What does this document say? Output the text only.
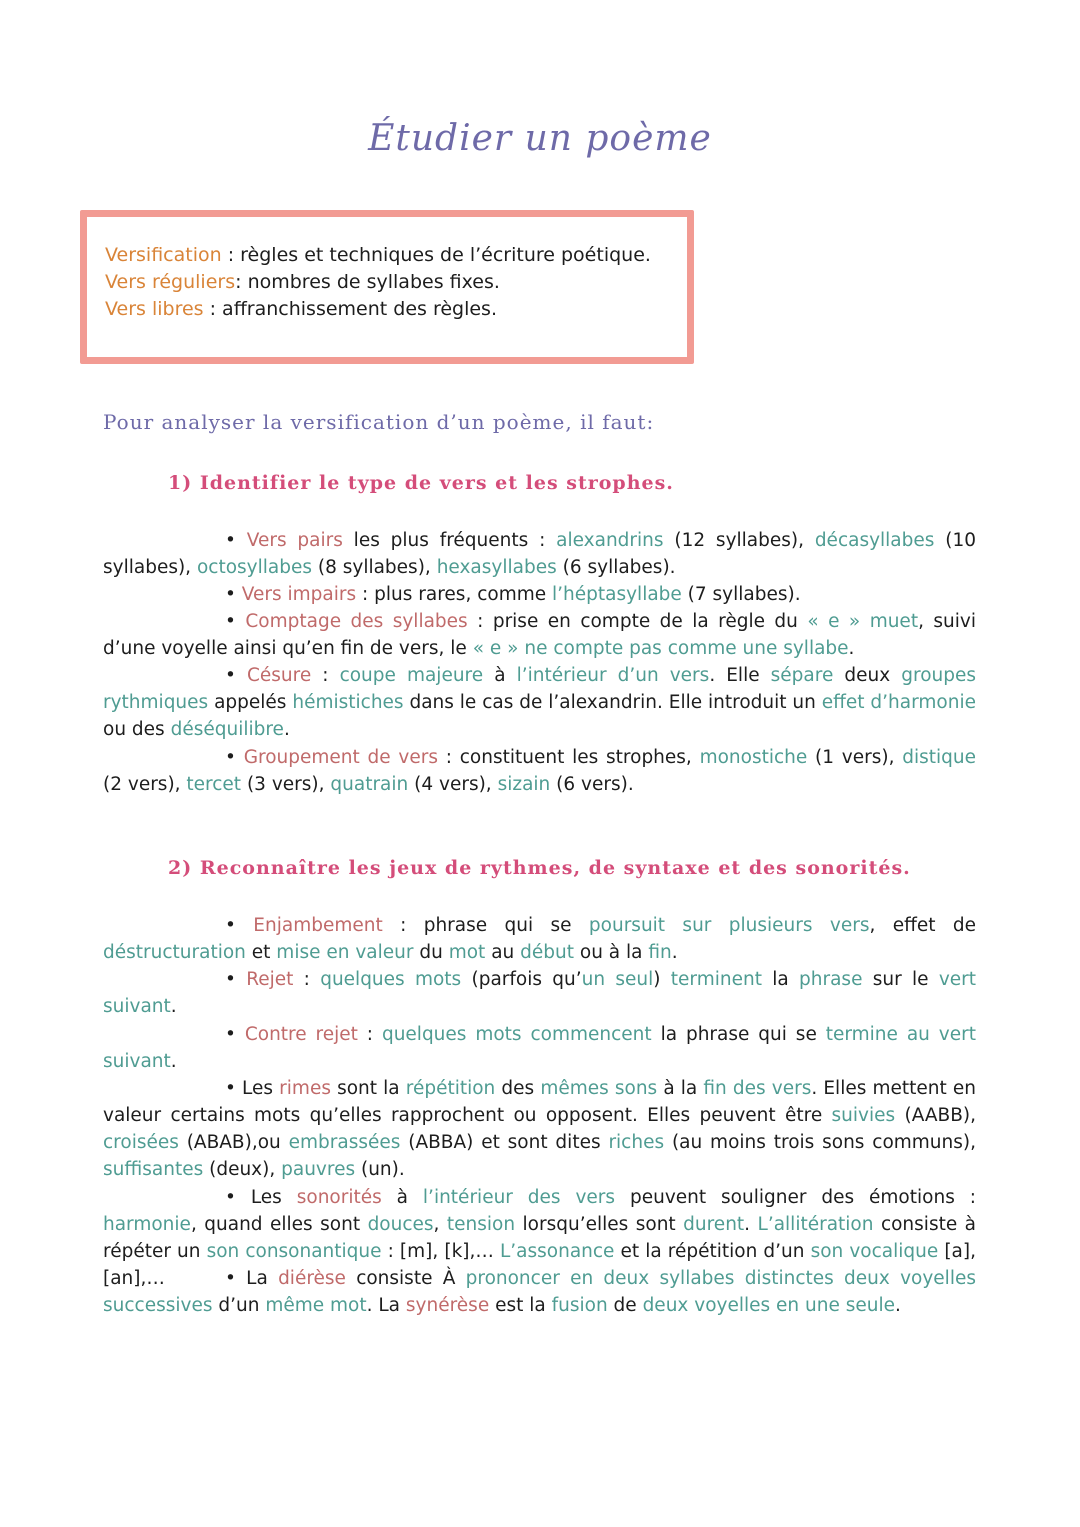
Étudier un poème
Versification : règles et techniques de l’écriture poétique.
Vers réguliers: nombres de syllabes fixes.
Vers libres : affranchissement des règles.
Pour analyser la versification d’un poème, il faut:
1) Identifier le type de vers et les strophes.
• Vers pairs les plus fréquents : alexandrins (12 syllabes), décasyllabes (10 syllabes), octosyllabes (8 syllabes), hexasyllabes (6 syllabes).
• Vers impairs : plus rares, comme l’héptasyllabe (7 syllabes).
• Comptage des syllabes : prise en compte de la règle du « e » muet, suivi d’une voyelle ainsi qu’en fin de vers, le « e » ne compte pas comme une syllabe.
• Césure : coupe majeure à l’intérieur d’un vers. Elle sépare deux groupes rythmiques appelés hémistiches dans le cas de l’alexandrin. Elle introduit un effet d’harmonie ou des déséquilibre.
• Groupement de vers : constituent les strophes, monostiche (1 vers), distique (2 vers), tercet (3 vers), quatrain (4 vers), sizain (6 vers).
2) Reconnaître les jeux de rythmes, de syntaxe et des sonorités.
• Enjambement : phrase qui se poursuit sur plusieurs vers, effet de déstructuration et mise en valeur du mot au début ou à la fin.
• Rejet : quelques mots (parfois qu’un seul) terminent la phrase sur le vert suivant.
• Contre rejet : quelques mots commencent la phrase qui se termine au vert suivant.
• Les rimes sont la répétition des mêmes sons à la fin des vers. Elles mettent en valeur certains mots qu’elles rapprochent ou opposent. Elles peuvent être suivies (AABB), croisées (ABAB),ou embrassées (ABBA) et sont dites riches (au moins trois sons communs), suffisantes (deux), pauvres (un).
• Les sonorités à l’intérieur des vers peuvent souligner des émotions : harmonie, quand elles sont douces, tension lorsqu’elles sont durent. L’allitération consiste à répéter un son consonantique : [m], [k],… L’assonance et la répétition d’un son vocalique [a], [an],…	• La diérèse consiste À prononcer en deux syllabes distinctes deux voyelles successives d’un même mot. La synérèse est la fusion de deux voyelles en une seule.
